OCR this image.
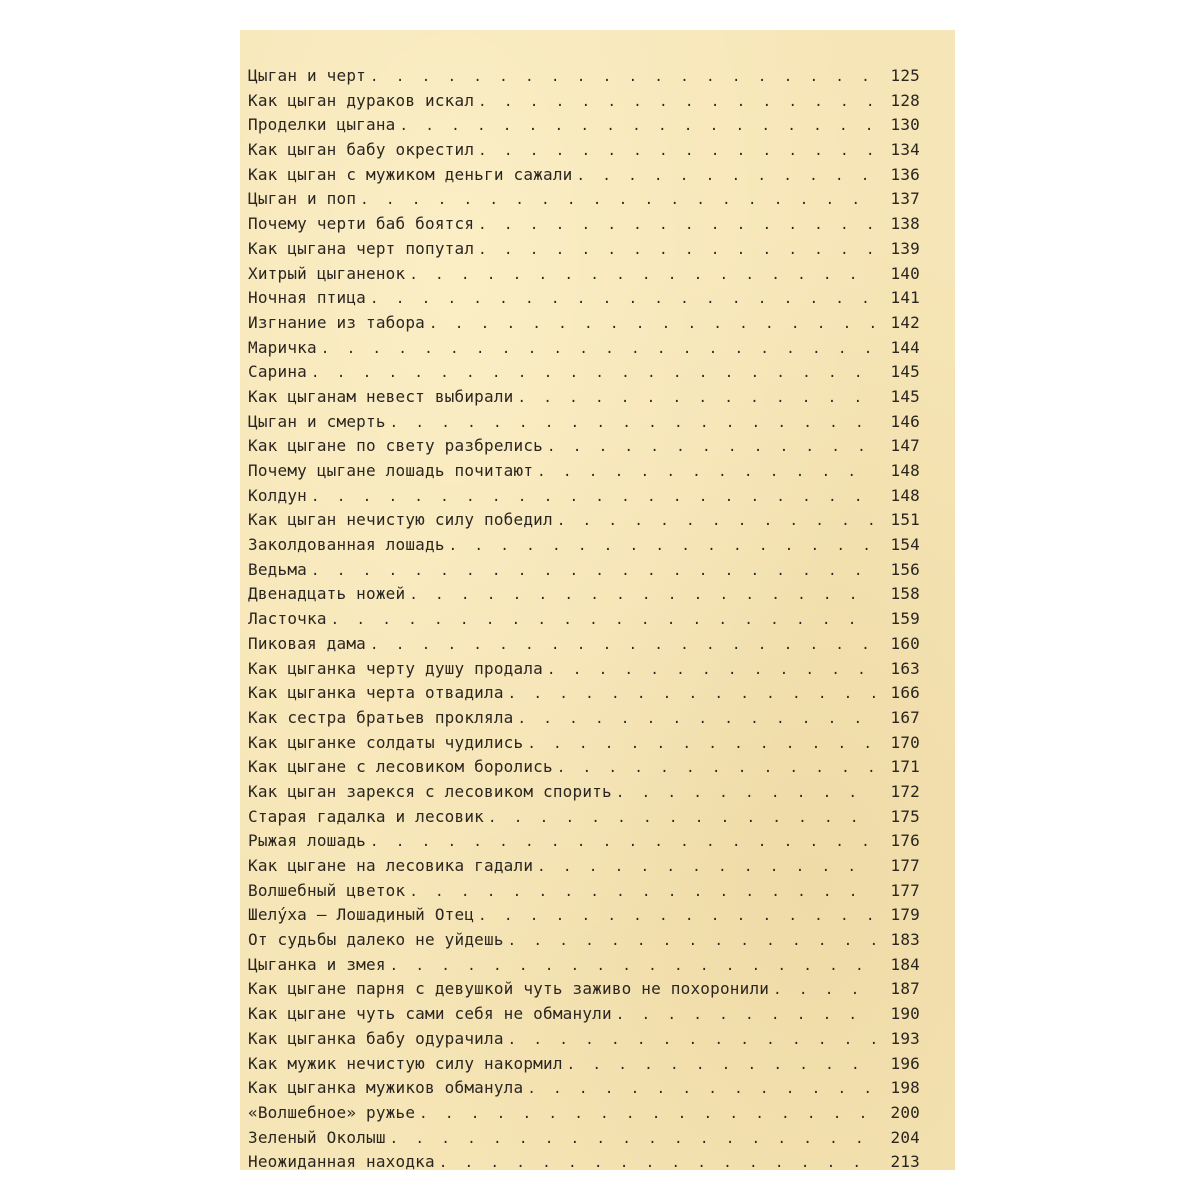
Цыган и черт . . .	125
Как цыган дураков искал . . .	128
Проделки цыгана . . .	130
Как цыган бабу окрестил . . .	134
Как цыган с мужиком деньги сажали . . .	136
Цыган и поп . . .	137
Почему черти баб боятся . . .	138
Как цыгана черт попутал . . .	139
Хитрый цыганенок . . .	140
Ночная птица . . .	141
Изгнание из табора . . .	142
Маричка . . .	144
Сарина . . .	145
Как цыганам невест выбирали . . .	145
Цыган и смерть . . .	146
Как цыгане по свету разбрелись . . .	147
Почему цыгане лошадь почитают . . .	148
Колдун . . .	148
Как цыган нечистую силу победил . . .	151
Заколдованная лошадь . . .	154
Ведьма . . .	156
Двенадцать ножей . . .	158
Ласточка . . .	159
Пиковая дама . . .	160
Как цыганка черту душу продала . . .	163
Как цыганка черта отвадила . . .	166
Как сестра братьев прокляла . . .	167
Как цыганке солдаты чудились . . .	170
Как цыгане с лесовиком боролись . . .	171
Как цыган зарекся с лесовиком спорить . . .	172
Старая гадалка и лесовик . . .	175
Рыжая лошадь . . .	176
Как цыгане на лесовика гадали . . .	177
Волшебный цветок . . .	177
Шелу́ха — Лошадиный Отец . . .	179
От судьбы далеко не уйдешь . . .	183
Цыганка и змея . . .	184
Как цыгане парня с девушкой чуть заживо не похоронили . . .	187
Как цыгане чуть сами себя не обманули . . .	190
Как цыганка бабу одурачила . . .	193
Как мужик нечистую силу накормил . . .	196
Как цыганка мужиков обманула . . .	198
«Волшебное» ружье . . .	200
Зеленый Околыш . . .	204
Неожиданная находка . . .	213
